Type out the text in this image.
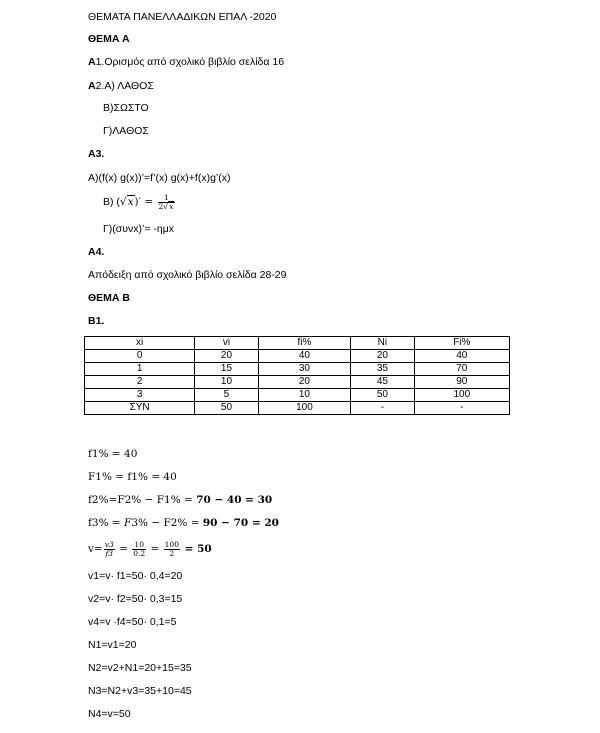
ΘΕΜΑΤΑ ΠΑΝΕΛΛΑΔΙΚΩΝ ΕΠΑΛ -2020
ΘΕΜΑ Α
Α1.Ορισμός από σχολικό βιβλίο σελίδα 16
Α2.Α) ΛΑΘΟΣ
Β)ΣΩΣΤΟ
Γ)ΛΑΘΟΣ
Α3.
Α)(f(x) g(x))’=f’(x) g(x)+f(x)g’(x)
Β) $(√x)' = \frac{1}{2√x}$
Γ)(συνx)’= -ημx
Α4.
Απόδειξη από σχολικό βιβλίο σελίδα 28-29
ΘΕΜΑ Β
Β1.
xi	vi	fi%	Ni	Fi%
0	20	40	20	40
1	15	30	35	70
2	10	20	45	90
3	5	10	50	100
ΣΥΝ	50	100	-	-
f1% = 40
F1% = f1% = 40
f2%=F2% − F1% = 70 − 40 = 30
f3% = F3% − F2% = 90 − 70 = 20
$v= \frac{v3}{f3} = \frac{10}{0.2} = \frac{100}{2} = 50$
v1=v· f1=50· 0,4=20
v2=v· f2=50· 0,3=15
v4=v ·f4=50· 0,1=5
N1=v1=20
N2=v2+N1=20+15=35
N3=N2+v3=35+10=45
N4=v=50
